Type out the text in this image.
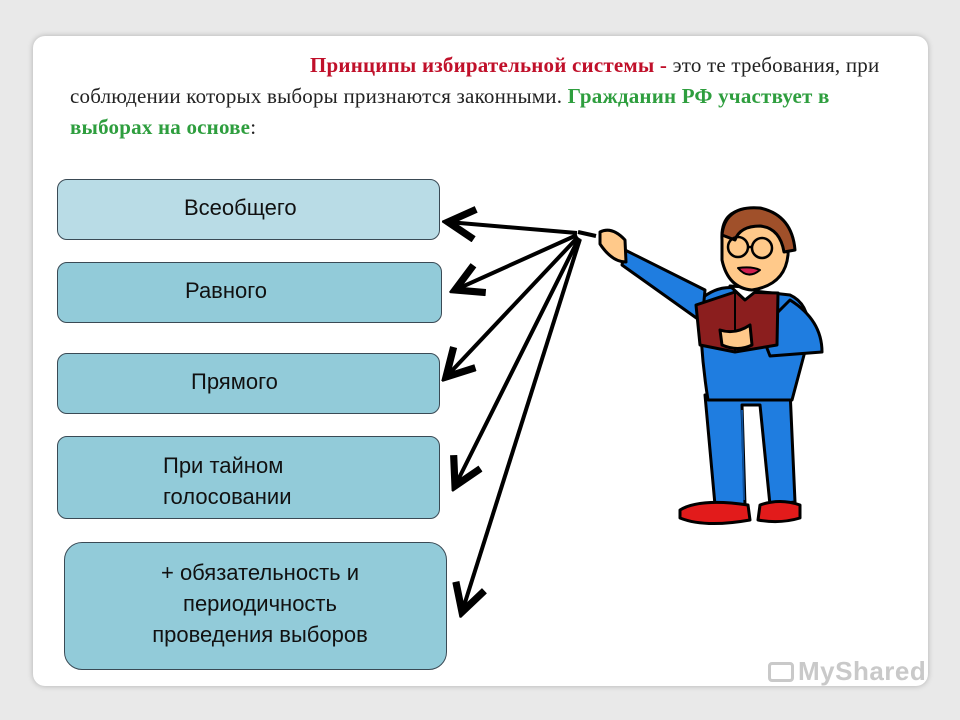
Принципы избирательной системы - это те требования, при соблюдении которых выборы признаются законными. Гражданин РФ участвует в выборах на основе:
Всеобщего
Равного
Прямого
При тайном
голосовании
+ обязательность и
периодичность
проведения выборов
MyShared
